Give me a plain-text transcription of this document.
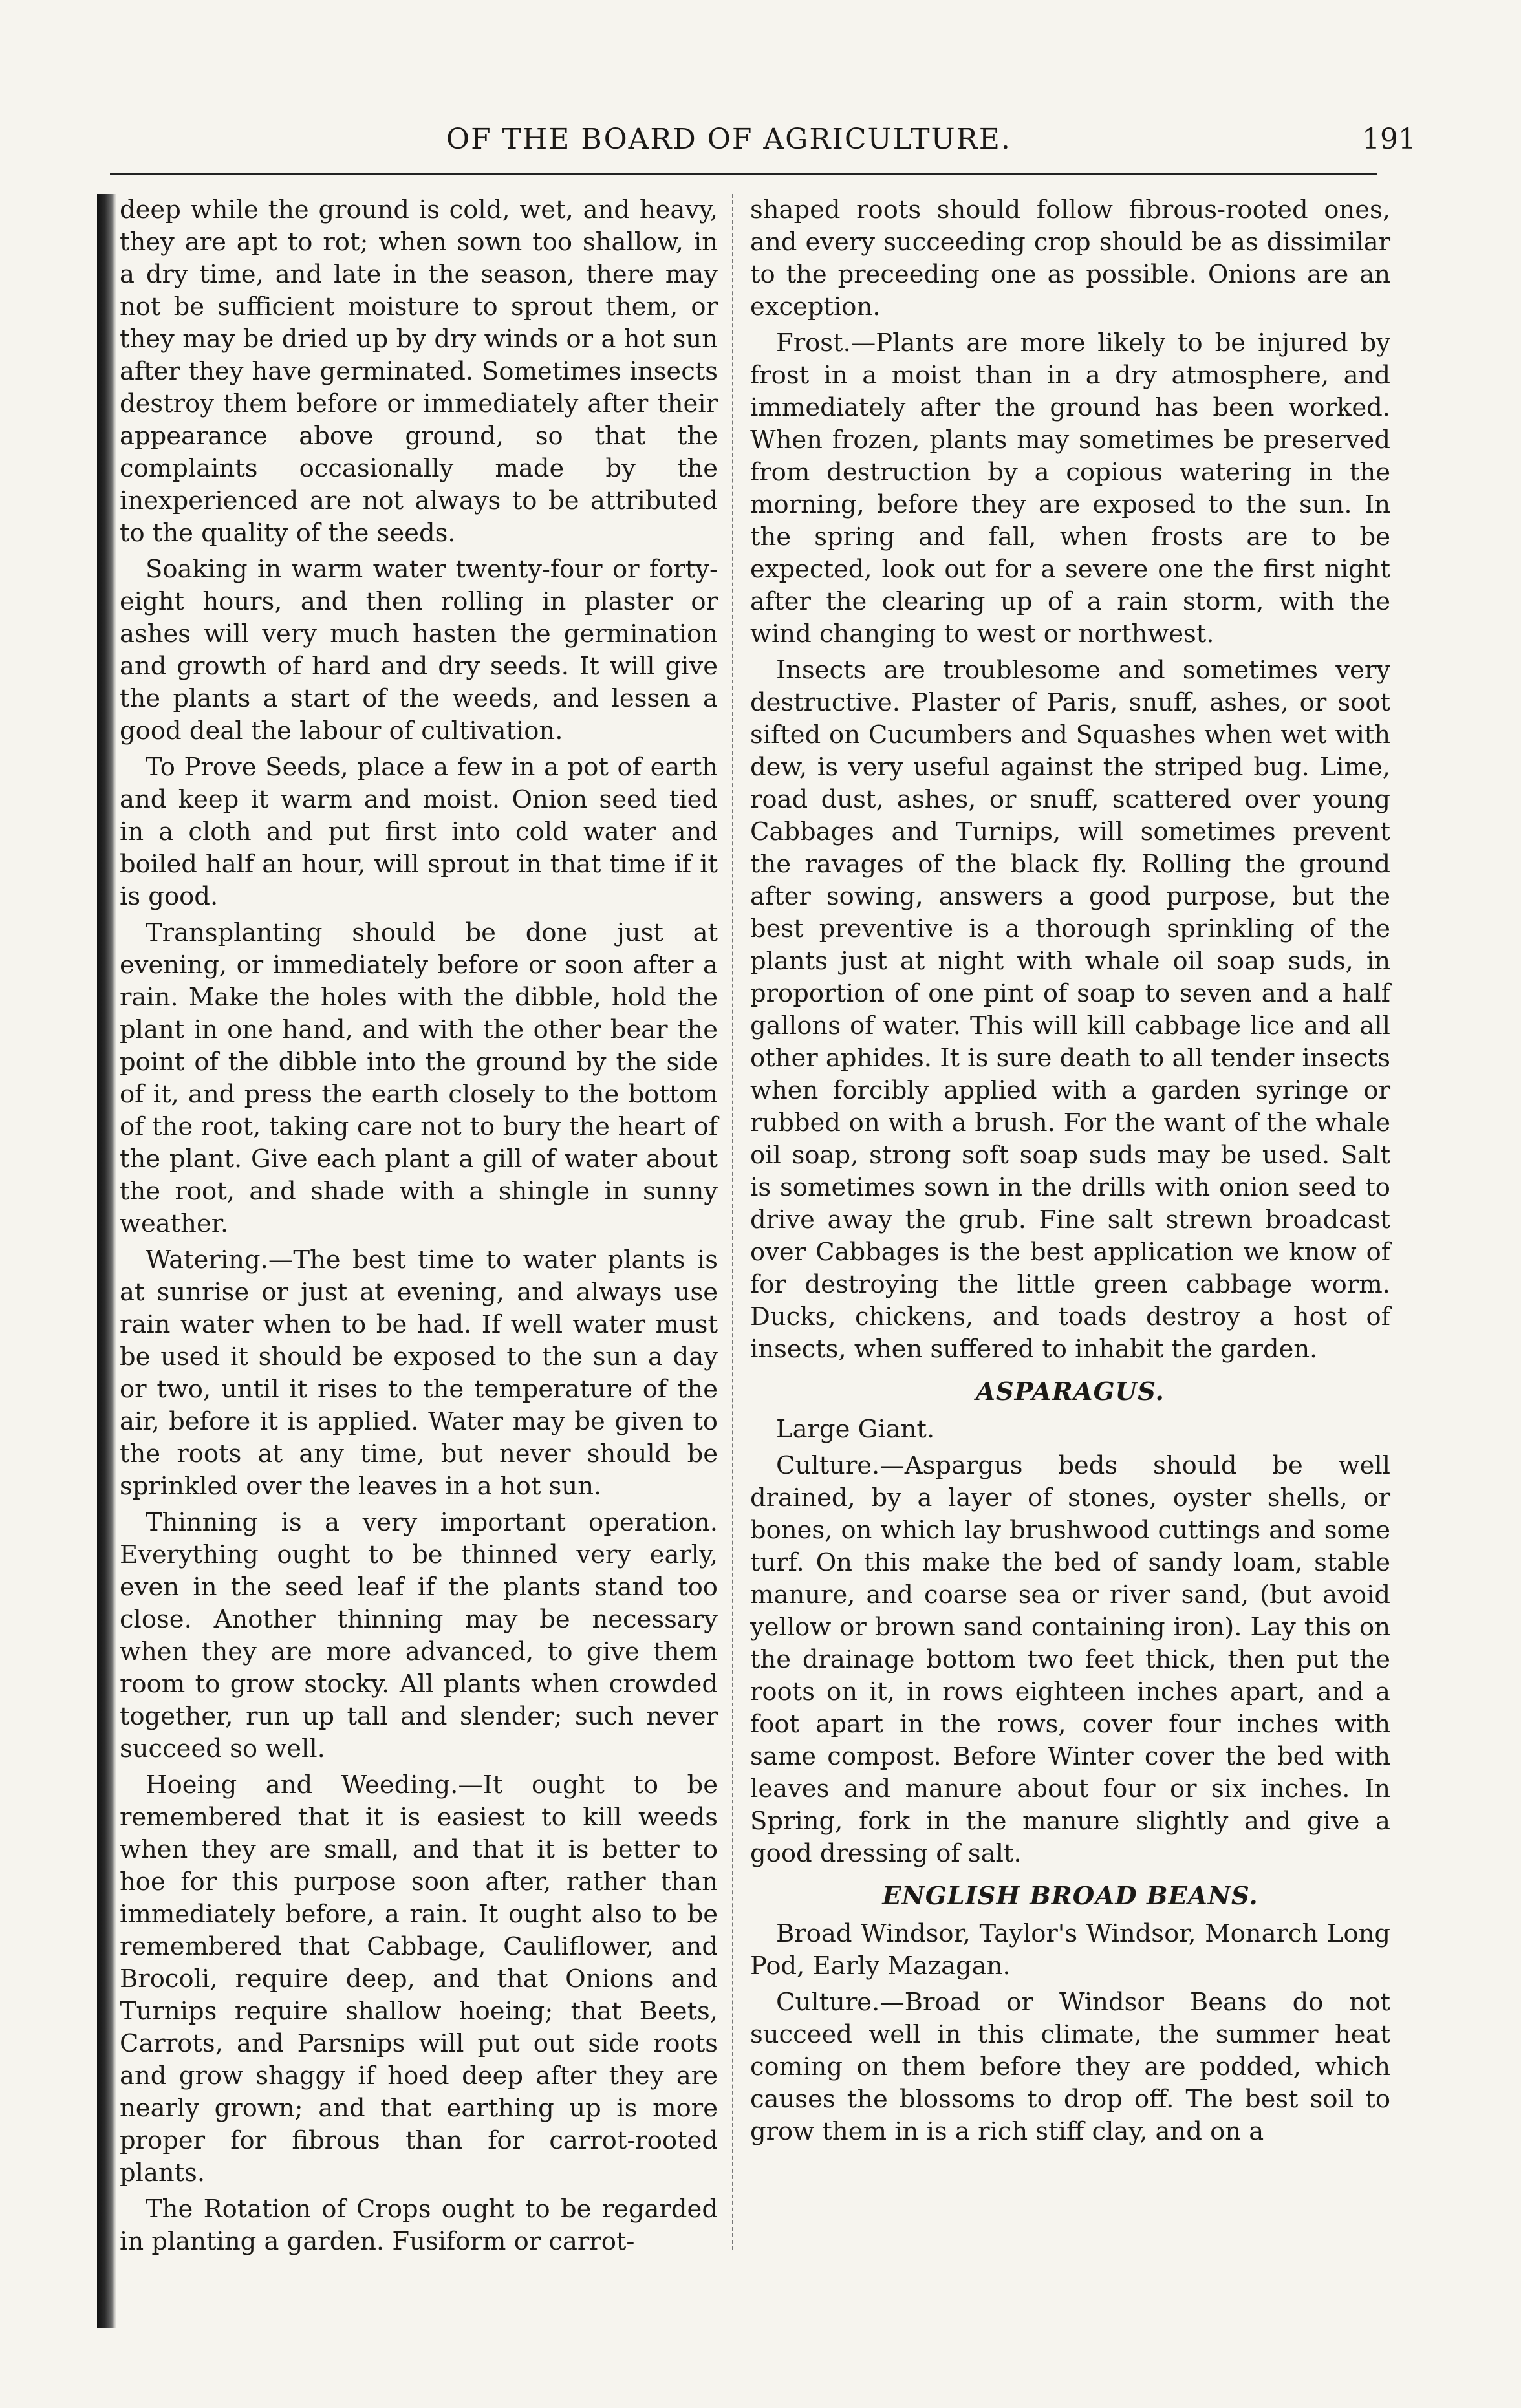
OF THE BOARD OF AGRICULTURE.	191

deep while the ground is cold, wet, and heavy, they are apt to rot; when sown too shallow, in a dry time, and late in the season, there may not be sufficient moisture to sprout them, or they may be dried up by dry winds or a hot sun after they have germinated. Sometimes insects destroy them before or immediately after their appearance above ground, so that the complaints occasionally made by the inexperienced are not always to be attributed to the quality of the seeds.

Soaking in warm water twenty-four or forty-eight hours, and then rolling in plaster or ashes will very much hasten the germination and growth of hard and dry seeds. It will give the plants a start of the weeds, and lessen a good deal the labour of cultivation.

To Prove Seeds, place a few in a pot of earth and keep it warm and moist. Onion seed tied in a cloth and put first into cold water and boiled half an hour, will sprout in that time if it is good.

Transplanting should be done just at evening, or immediately before or soon after a rain. Make the holes with the dibble, hold the plant in one hand, and with the other bear the point of the dibble into the ground by the side of it, and press the earth closely to the bottom of the root, taking care not to bury the heart of the plant. Give each plant a gill of water about the root, and shade with a shingle in sunny weather.

Watering.—The best time to water plants is at sunrise or just at evening, and always use rain water when to be had. If well water must be used it should be exposed to the sun a day or two, until it rises to the temperature of the air, before it is applied. Water may be given to the roots at any time, but never should be sprinkled over the leaves in a hot sun.

Thinning is a very important operation. Everything ought to be thinned very early, even in the seed leaf if the plants stand too close. Another thinning may be necessary when they are more advanced, to give them room to grow stocky. All plants when crowded together, run up tall and slender; such never succeed so well.

Hoeing and Weeding.—It ought to be remembered that it is easiest to kill weeds when they are small, and that it is better to hoe for this purpose soon after, rather than immediately before, a rain. It ought also to be remembered that Cabbage, Cauliflower, and Brocoli, require deep, and that Onions and Turnips require shallow hoeing; that Beets, Carrots, and Parsnips will put out side roots and grow shaggy if hoed deep after they are nearly grown; and that earthing up is more proper for fibrous than for carrot-rooted plants.

The Rotation of Crops ought to be regarded in planting a garden. Fusiform or carrot-

shaped roots should follow fibrous-rooted ones, and every succeeding crop should be as dissimilar to the preceeding one as possible. Onions are an exception.

Frost.—Plants are more likely to be injured by frost in a moist than in a dry atmosphere, and immediately after the ground has been worked. When frozen, plants may sometimes be preserved from destruction by a copious watering in the morning, before they are exposed to the sun. In the spring and fall, when frosts are to be expected, look out for a severe one the first night after the clearing up of a rain storm, with the wind changing to west or northwest.

Insects are troublesome and sometimes very destructive. Plaster of Paris, snuff, ashes, or soot sifted on Cucumbers and Squashes when wet with dew, is very useful against the striped bug. Lime, road dust, ashes, or snuff, scattered over young Cabbages and Turnips, will sometimes prevent the ravages of the black fly. Rolling the ground after sowing, answers a good purpose, but the best preventive is a thorough sprinkling of the plants just at night with whale oil soap suds, in proportion of one pint of soap to seven and a half gallons of water. This will kill cabbage lice and all other aphides. It is sure death to all tender insects when forcibly applied with a garden syringe or rubbed on with a brush. For the want of the whale oil soap, strong soft soap suds may be used. Salt is sometimes sown in the drills with onion seed to drive away the grub. Fine salt strewn broadcast over Cabbages is the best application we know of for destroying the little green cabbage worm. Ducks, chickens, and toads destroy a host of insects, when suffered to inhabit the garden.

ASPARAGUS.

Large Giant.

Culture.—Aspargus beds should be well drained, by a layer of stones, oyster shells, or bones, on which lay brushwood cuttings and some turf. On this make the bed of sandy loam, stable manure, and coarse sea or river sand, (but avoid yellow or brown sand containing iron). Lay this on the drainage bottom two feet thick, then put the roots on it, in rows eighteen inches apart, and a foot apart in the rows, cover four inches with same compost. Before Winter cover the bed with leaves and manure about four or six inches. In Spring, fork in the manure slightly and give a good dressing of salt.

ENGLISH BROAD BEANS.

Broad Windsor, Taylor's Windsor, Monarch Long Pod, Early Mazagan.

Culture.—Broad or Windsor Beans do not succeed well in this climate, the summer heat coming on them before they are podded, which causes the blossoms to drop off. The best soil to grow them in is a rich stiff clay, and on a
